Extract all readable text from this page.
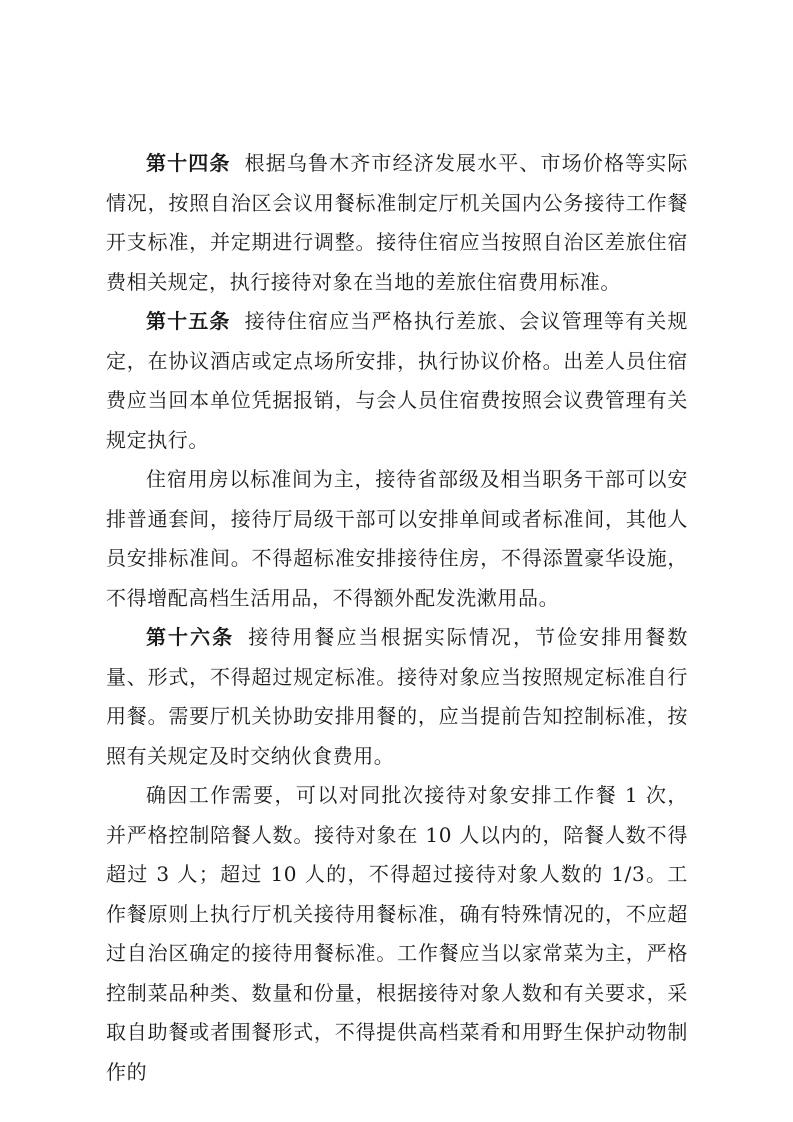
第十四条 根据乌鲁木齐市经济发展水平、市场价格等实际情况，按照自治区会议用餐标准制定厅机关国内公务接待工作餐开支标准，并定期进行调整。接待住宿应当按照自治区差旅住宿费相关规定，执行接待对象在当地的差旅住宿费用标准。

第十五条 接待住宿应当严格执行差旅、会议管理等有关规定，在协议酒店或定点场所安排，执行协议价格。出差人员住宿费应当回本单位凭据报销，与会人员住宿费按照会议费管理有关规定执行。

住宿用房以标准间为主，接待省部级及相当职务干部可以安排普通套间，接待厅局级干部可以安排单间或者标准间，其他人员安排标准间。不得超标准安排接待住房，不得添置豪华设施，不得增配高档生活用品，不得额外配发洗漱用品。

第十六条 接待用餐应当根据实际情况，节俭安排用餐数量、形式，不得超过规定标准。接待对象应当按照规定标准自行用餐。需要厅机关协助安排用餐的，应当提前告知控制标准，按照有关规定及时交纳伙食费用。

确因工作需要，可以对同批次接待对象安排工作餐 1 次，并严格控制陪餐人数。接待对象在 10 人以内的，陪餐人数不得超过 3 人；超过 10 人的，不得超过接待对象人数的 1/3。工作餐原则上执行厅机关接待用餐标准，确有特殊情况的，不应超过自治区确定的接待用餐标准。工作餐应当以家常菜为主，严格控制菜品种类、数量和份量，根据接待对象人数和有关要求，采取自助餐或者围餐形式，不得提供高档菜肴和用野生保护动物制作的
